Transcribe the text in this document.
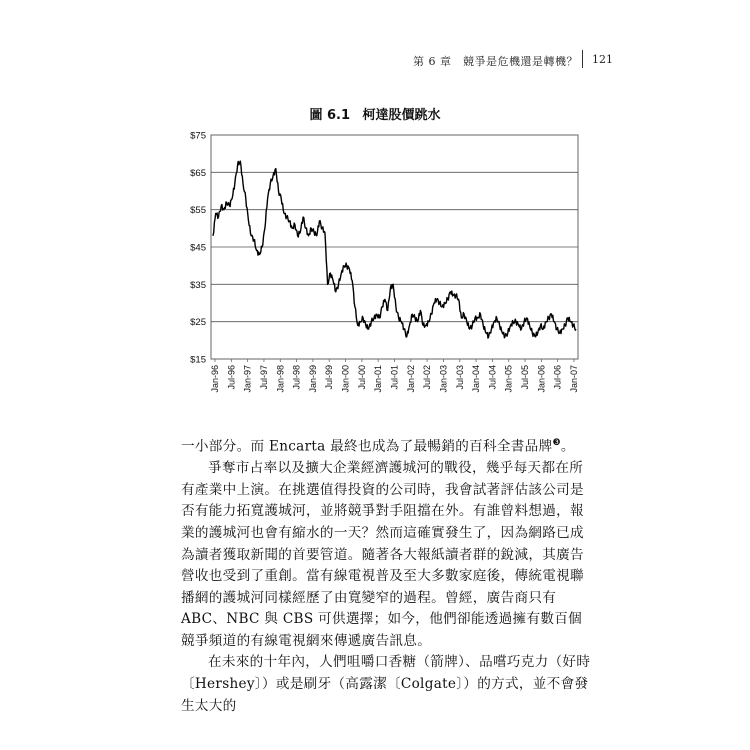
第 6 章　競爭是危機還是轉機？ 121
圖 6.1 柯達股價跳水
$75
$65
$55
$45
$35
$25
$15
Jan-96 Jul-96 Jan-97 Jul-97 Jan-98 Jul-98 Jan-99 Jul-99 Jan-00 Jul-00 Jan-01 Jul-01 Jan-02 Jul-02 Jan-03 Jul-03 Jan-04 Jul-04 Jan-05 Jul-05 Jan-06 Jul-06 Jan-07

一小部分。而 Encarta 最終也成為了最暢銷的百科全書品牌$^❸$。

爭奪市占率以及擴大企業經濟護城河的戰役，幾乎每天都在所有產業中上演。在挑選值得投資的公司時，我會試著評估該公司是否有能力拓寬護城河，並將競爭對手阻擋在外。有誰曾料想過，報業的護城河也會有縮水的一天？然而這確實發生了，因為網路已成為讀者獲取新聞的首要管道。隨著各大報紙讀者群的銳減，其廣告營收也受到了重創。當有線電視普及至大多數家庭後，傳統電視聯播網的護城河同樣經歷了由寬變窄的過程。曾經，廣告商只有 ABC、NBC 與 CBS 可供選擇；如今，他們卻能透過擁有數百個競爭頻道的有線電視網來傳遞廣告訊息。

在未來的十年內，人們咀嚼口香糖（箭牌）、品嚐巧克力（好時〔Hershey〕）或是刷牙（高露潔〔Colgate〕）的方式，並不會發生太大的
